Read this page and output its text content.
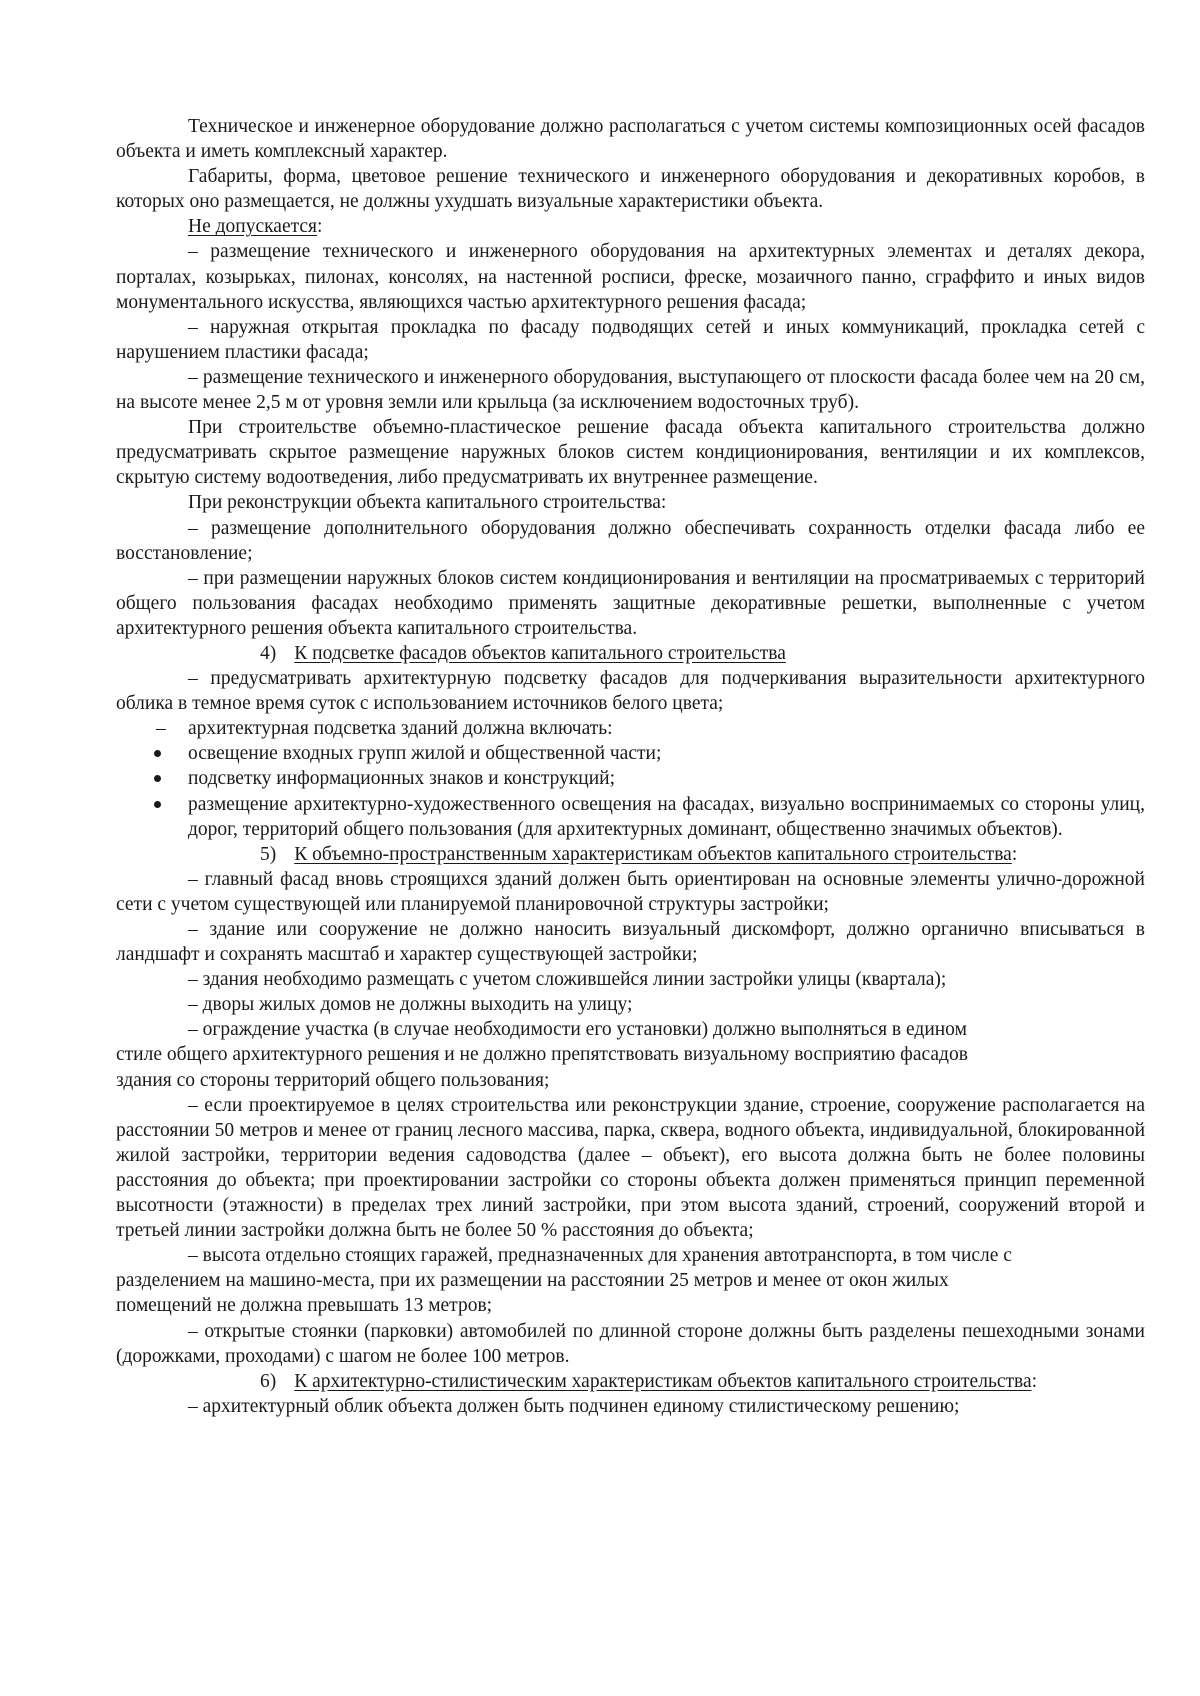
Техническое и инженерное оборудование должно располагаться с учетом системы композиционных осей фасадов объекта и иметь комплексный характер.

Габариты, форма, цветовое решение технического и инженерного оборудования и декоративных коробов, в которых оно размещается, не должны ухудшать визуальные характеристики объекта.

Не допускается:

– размещение технического и инженерного оборудования на архитектурных элементах и деталях декора, порталах, козырьках, пилонах, консолях, на настенной росписи, фреске, мозаичного панно, сграффито и иных видов монументального искусства, являющихся частью архитектурного решения фасада;

– наружная открытая прокладка по фасаду подводящих сетей и иных коммуникаций, прокладка сетей с нарушением пластики фасада;

– размещение технического и инженерного оборудования, выступающего от плоскости фасада более чем на 20 см, на высоте менее 2,5 м от уровня земли или крыльца (за исключением водосточных труб).

При строительстве объемно-пластическое решение фасада объекта капитального строительства должно предусматривать скрытое размещение наружных блоков систем кондиционирования, вентиляции и их комплексов, скрытую систему водоотведения, либо предусматривать их внутреннее размещение.

При реконструкции объекта капитального строительства:

– размещение дополнительного оборудования должно обеспечивать сохранность отделки фасада либо ее восстановление;

– при размещении наружных блоков систем кондиционирования и вентиляции на просматриваемых с территорий общего пользования фасадах необходимо применять защитные декоративные решетки, выполненные с учетом архитектурного решения объекта капитального строительства.

4) К подсветке фасадов объектов капитального строительства

– предусматривать архитектурную подсветку фасадов для подчеркивания выразительности архитектурного облика в темное время суток с использованием источников белого цвета;

– архитектурная подсветка зданий должна включать:

освещение входных групп жилой и общественной части;
подсветку информационных знаков и конструкций;
размещение архитектурно-художественного освещения на фасадах, визуально воспринимаемых со стороны улиц, дорог, территорий общего пользования (для архитектурных доминант, общественно значимых объектов).

5) К объемно-пространственным характеристикам объектов капитального строительства:

– главный фасад вновь строящихся зданий должен быть ориентирован на основные элементы улично-дорожной сети с учетом существующей или планируемой планировочной структуры застройки;

– здание или сооружение не должно наносить визуальный дискомфорт, должно органично вписываться в ландшафт и сохранять масштаб и характер существующей застройки;

– здания необходимо размещать с учетом сложившейся линии застройки улицы (квартала);

– дворы жилых домов не должны выходить на улицу;

– ограждение участка (в случае необходимости его установки) должно выполняться в едином
стиле общего архитектурного решения и не должно препятствовать визуальному восприятию фасадов
здания со стороны территорий общего пользования;

– если проектируемое в целях строительства или реконструкции здание, строение, сооружение располагается на расстоянии 50 метров и менее от границ лесного массива, парка, сквера, водного объекта, индивидуальной, блокированной жилой застройки, территории ведения садоводства (далее – объект), его высота должна быть не более половины расстояния до объекта; при проектировании застройки со стороны объекта должен применяться принцип переменной высотности (этажности) в пределах трех линий застройки, при этом высота зданий, строений, сооружений второй и третьей линии застройки должна быть не более 50 % расстояния до объекта;

– высота отдельно стоящих гаражей, предназначенных для хранения автотранспорта, в том числе с
разделением на машино-места, при их размещении на расстоянии 25 метров и менее от окон жилых
помещений не должна превышать 13 метров;

– открытые стоянки (парковки) автомобилей по длинной стороне должны быть разделены пешеходными зонами (дорожками, проходами) с шагом не более 100 метров.

6) К архитектурно-стилистическим характеристикам объектов капитального строительства:

– архитектурный облик объекта должен быть подчинен единому стилистическому решению;
